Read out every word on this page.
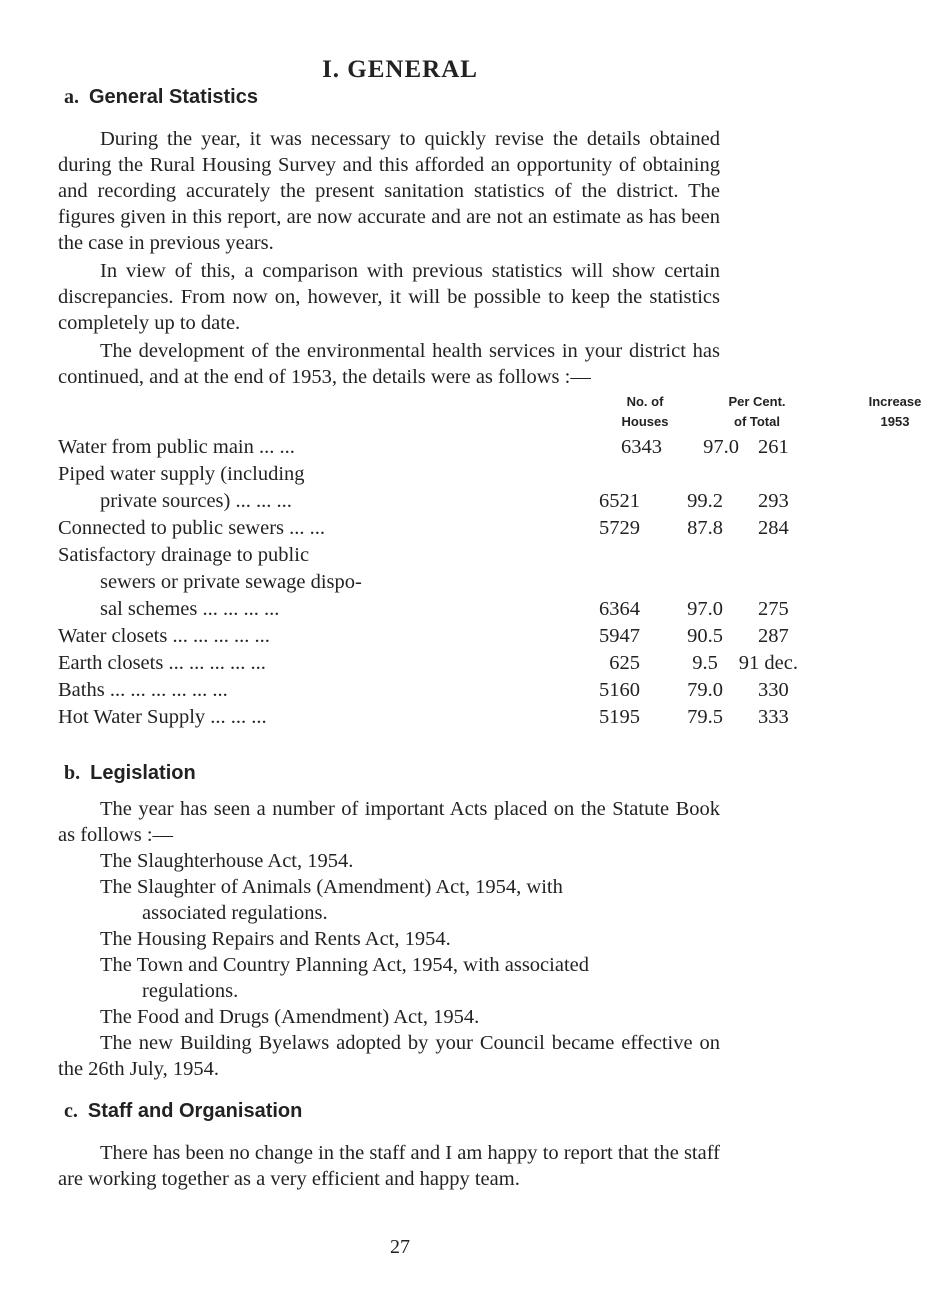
I. GENERAL
a. General Statistics

During the year, it was necessary to quickly revise the details obtained during the Rural Housing Survey and this afforded an opportunity of obtaining and recording accurately the present sanitation statistics of the district. The figures given in this report, are now accurate and are not an estimate as has been the case in previous years.

In view of this, a comparison with previous statistics will show certain discrepancies. From now on, however, it will be possible to keep the statistics completely up to date.

The development of the environmental health services in your district has continued, and at the end of 1953, the details were as follows :—

No. of
Houses
Per Cent.
of Total
Increase
1953
Water from public main ... ...	6343	97.0
Piped water supply (including
private sources) ... ... ...
Connected to public sewers ... ...
Satisfactory drainage to public
sewers or private sewage dispo-
sal schemes ... ... ... ...
Water closets ... ... ... ... ...
Earth closets ... ... ... ... ...
Baths ... ... ... ... ... ...
Hot Water Supply ... ... ...
6521
5729
6364
5947
625
5160
5195
99.2
87.8
97.0
90.5
9.5
79.0
79.5
261
293
284
275
287
91 dec.
330
333
b. Legislation

The year has seen a number of important Acts placed on the Statute Book as follows :—

The Slaughterhouse Act, 1954.

The Slaughter of Animals (Amendment) Act, 1954, with
associated regulations.

The Housing Repairs and Rents Act, 1954.

The Town and Country Planning Act, 1954, with associated
regulations.

The Food and Drugs (Amendment) Act, 1954.

The new Building Byelaws adopted by your Council became effective on the 26th July, 1954.

c. Staff and Organisation

There has been no change in the staff and I am happy to report that the staff are working together as a very efficient and happy team.

27
